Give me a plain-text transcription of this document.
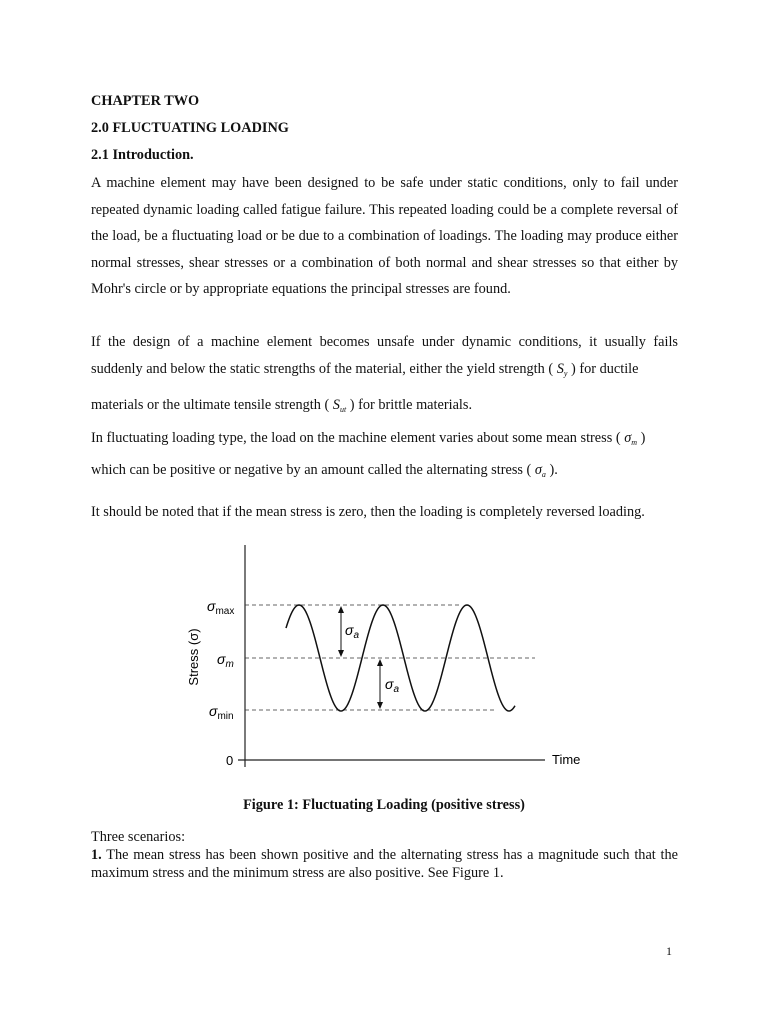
CHAPTER TWO
2.0 FLUCTUATING LOADING
2.1 Introduction.
A machine element may have been designed to be safe under static conditions, only to fail under repeated dynamic loading called fatigue failure. This repeated loading could be a complete reversal of the load, be a fluctuating load or be due to a combination of loadings. The loading may produce either normal stresses, shear stresses or a combination of both normal and shear stresses so that either by Mohr's circle or by appropriate equations the principal stresses are found.
If the design of a machine element becomes unsafe under dynamic conditions, it usually fails suddenly and below the static strengths of the material, either the yield strength ( $S_y$ ) for ductile
materials or the ultimate tensile strength ( $S_{ut}$ ) for brittle materials.
In fluctuating loading type, the load on the machine element varies about some mean stress ( $\sigma_m$ )
which can be positive or negative by an amount called the alternating stress ( $\sigma_a$ ).
It should be noted that if the mean stress is zero, then the loading is completely reversed loading.
Stress (σ)
Time
$\sigma_{max}$
$\sigma_m$
$\sigma_{min}$
0
$\sigma_a$
$\sigma_a$
Figure 1: Fluctuating Loading (positive stress)
Three scenarios:
1. The mean stress has been shown positive and the alternating stress has a magnitude such that the maximum stress and the minimum stress are also positive. See Figure 1.
1
